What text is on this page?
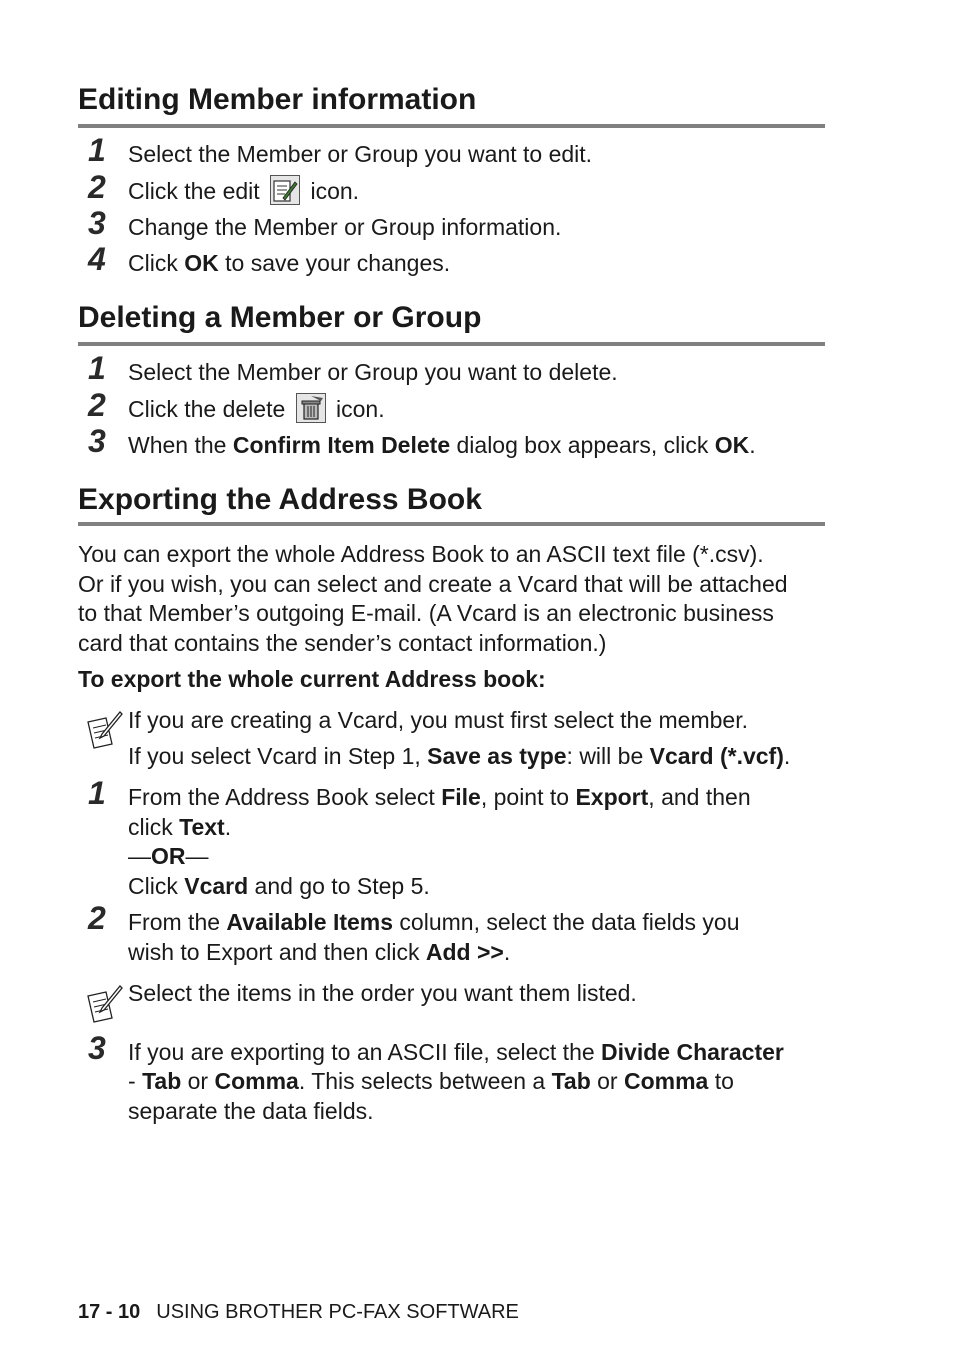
Editing Member information
1 Select the Member or Group you want to edit.
2 Click the edit icon.
3 Change the Member or Group information.
4 Click OK to save your changes.
Deleting a Member or Group
1 Select the Member or Group you want to delete.
2 Click the delete icon.
3 When the Confirm Item Delete dialog box appears, click OK.
Exporting the Address Book
You can export the whole Address Book to an ASCII text file (*.csv).
Or if you wish, you can select and create a Vcard that will be attached
to that Member’s outgoing E-mail. (A Vcard is an electronic business
card that contains the sender’s contact information.)
To export the whole current Address book:
If you are creating a Vcard, you must first select the member.
If you select Vcard in Step 1, Save as type: will be Vcard (*.vcf).
1 From the Address Book select File, point to Export, and then
click Text.
—OR—
Click Vcard and go to Step 5.
2 From the Available Items column, select the data fields you
wish to Export and then click Add >>.
Select the items in the order you want them listed.
3 If you are exporting to an ASCII file, select the Divide Character
- Tab or Comma. This selects between a Tab or Comma to
separate the data fields.
17 - 10 USING BROTHER PC-FAX SOFTWARE
